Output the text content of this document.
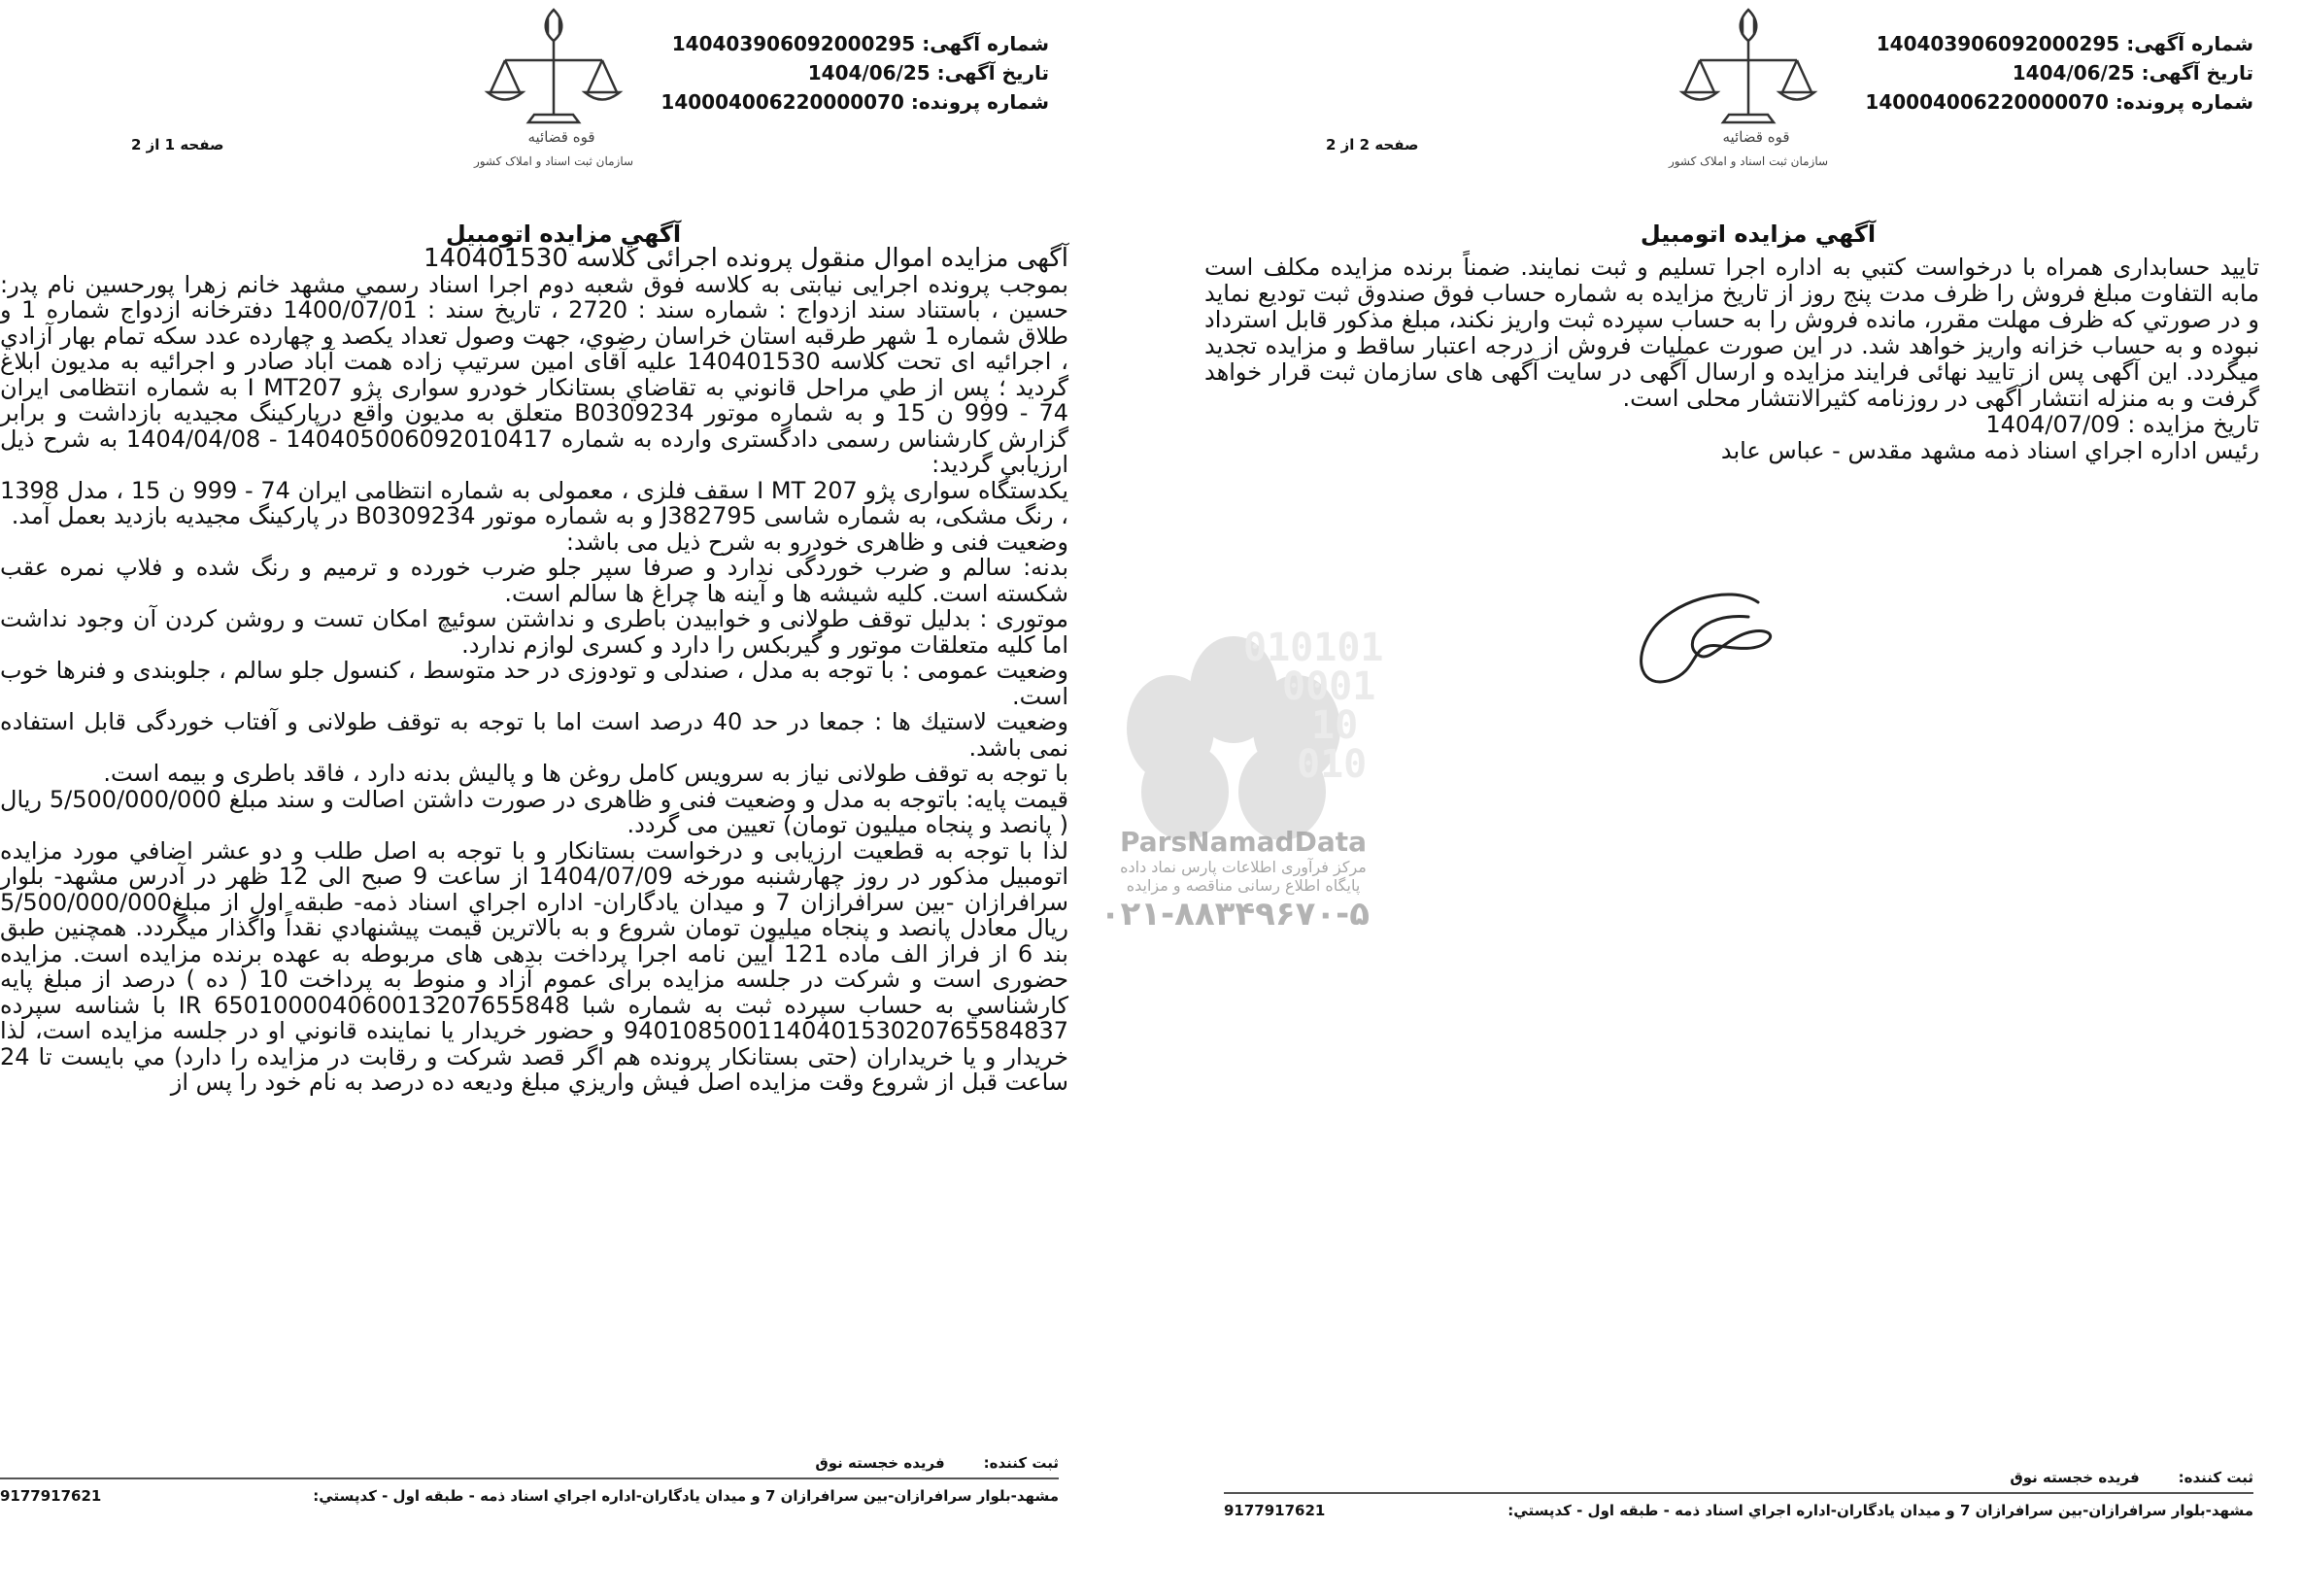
قوه قضائیه
سازمان ثبت اسناد و املاک کشور
شماره آگهی: 140403906092000295
تاریخ آگهی: 1404/06/25
شماره پرونده: 140004006220000070
صفحه 1 از 2
آگهي مزايده اتومبيل

آگهی مزایده اموال منقول پرونده اجرائی کلاسه 140401530

بموجب پرونده اجرايى نيابتى به كلاسه فوق شعبه دوم اجرا اسناد رسمي مشهد خانم زهرا پورحسين نام پدر: حسين ، باستناد سند ازدواج : شماره سند : 2720 ، تاريخ سند : 1400/07/01 دفترخانه ازدواج شماره 1 و طلاق شماره 1 شهر طرقبه استان خراسان رضوي، جهت وصول تعداد يكصد و چهارده عدد سكه تمام بهار آزادي ، اجرائيه اى تحت كلاسه 140401530 عليه آقاى امين سرتيپ زاده همت آباد صادر و اجرائيه به مديون ابلاغ گرديد ؛ پس از طي مراحل قانوني به تقاضاي بستانكار خودرو سوارى پژو I MT207 به شماره انتظامى ايران 74 - 999 ن 15 و به شماره موتور B0309234 متعلق به مديون واقع درپاركينگ مجيديه بازداشت و برابر گزارش كارشناس رسمى دادگسترى وارده به شماره 14040500609201041​7 - 1404/04/08 به شرح ذيل ارزيابي گرديد:

يكدستگاه سوارى پژو I MT 207 سقف فلزى ، معمولى به شماره انتظامى ايران 74 - 999 ن 15 ، مدل 1398 ، رنگ مشكى، به شماره شاسى J382795 و به شماره موتور B0309234 در پاركينگ مجيديه بازديد بعمل آمد.

وضعيت فنى و ظاهرى خودرو به شرح ذيل مى باشد:

بدنه: سالم و ضرب خوردگى ندارد و صرفا سپر جلو ضرب خورده و ترميم و رنگ شده و فلاپ نمره عقب شكسته است. كليه شيشه ها و آينه ها چراغ ها سالم است.

موتورى : بدليل توقف طولانى و خوابيدن باطرى و نداشتن سوئيچ امكان تست و روشن كردن آن وجود نداشت اما كليه متعلقات موتور و گيربكس را دارد و كسرى لوازم ندارد.

وضعيت عمومى : با توجه به مدل ، صندلى و تودوزى در حد متوسط ، كنسول جلو سالم ، جلوبندى و فنرها خوب است.

وضعيت لاستيك ها : جمعا در حد 40 درصد است اما با توجه به توقف طولانى و آفتاب خوردگى قابل استفاده نمى باشد.

با توجه به توقف طولانى نياز به سرويس كامل روغن ها و پاليش بدنه دارد ، فاقد باطرى و بيمه است.

قيمت پايه: باتوجه به مدل و وضعيت فنى و ظاهرى در صورت داشتن اصالت و سند مبلغ 5/500/000/000 ريال ( پانصد و پنجاه ميليون تومان) تعيين مى گردد.

لذا با توجه به قطعيت ارزيابى و درخواست بستانكار و با توجه به اصل طلب و دو عشر اضافي مورد مزايده اتومبيل مذكور در روز چهارشنبه مورخه 1404/07/09 از ساعت 9 صبح الى 12 ظهر در آدرس مشهد- بلوار سرافرازان -بين سرافرازان 7 و ميدان يادگاران- اداره اجراي اسناد ذمه- طبقه اول از مبلغ5/500/000/000 ريال معادل پانصد و پنجاه ميليون تومان شروع و به بالاترين قيمت پيشنهادي نقداً واگذار ميگردد. همچنين طبق بند 6 از فراز الف ماده 121 آيين نامه اجرا پرداخت بدهى هاى مربوطه به عهده برنده مزايده است. مزايده حضورى است و شركت در جلسه مزايده براى عموم آزاد و منوط به پرداخت 10 ( ده ) درصد از مبلغ پايه كارشناسي به حساب سپرده ثبت به شماره شبا IR 650100004060013207655848 با شناسه سپرده 940108500114040153020765584837 و حضور خريدار يا نماينده قانوني او در جلسه مزايده است، لذا خريدار و يا خريداران (حتى بستانكار پرونده هم اگر قصد شركت و رقابت در مزايده را دارد) مي بايست تا 24 ساعت قبل از شروع وقت مزايده اصل فيش واريزي مبلغ وديعه ده درصد به نام خود را پس از

ثبت کننده:
فريده خجسته نوق
مشهد-بلوار سرافرازان-بين سرافرازان 7 و ميدان يادگاران-اداره اجراي اسناد ذمه - طبقه اول - کدپستي:
9177917621
010101
0001
10
010
ParsNamadData
مرکز فرآوری اطلاعات پارس نماد داده
پایگاه اطلاع رسانی مناقصه و مزایده
۰۲۱-۸۸۳۴۹۶۷۰-۵
قوه قضائیه
سازمان ثبت اسناد و املاک کشور
شماره آگهی: 140403906092000295
تاریخ آگهی: 1404/06/25
شماره پرونده: 140004006220000070
صفحه 2 از 2
آگهي مزايده اتومبيل

تاييد حسابدارى همراه با درخواست كتبي به اداره اجرا تسليم و ثبت نمايند. ضمناً برنده مزايده مكلف است مابه التفاوت مبلغ فروش را ظرف مدت پنج روز از تاريخ مزايده به شماره حساب فوق صندوق ثبت توديع نمايد و در صورتي كه ظرف مهلت مقرر، مانده فروش را به حساب سپرده ثبت واريز نكند، مبلغ مذكور قابل استرداد نبوده و به حساب خزانه واريز خواهد شد. در اين صورت عمليات فروش از درجه اعتبار ساقط و مزايده تجديد ميگردد. اين آگهى پس از تاييد نهائى فرايند مزايده و ارسال آگهى در سايت آگهى هاى سازمان ثبت قرار خواهد گرفت و به منزله انتشار آگهى در روزنامه كثيرالانتشار محلى است.

تاريخ مزايده : 1404/07/09

رئيس اداره اجراي اسناد ذمه مشهد مقدس - عباس عابد

ثبت کننده:
فريده خجسته نوق
مشهد-بلوار سرافرازان-بين سرافرازان 7 و ميدان يادگاران-اداره اجراي اسناد ذمه - طبقه اول - کدپستي:
9177917621
